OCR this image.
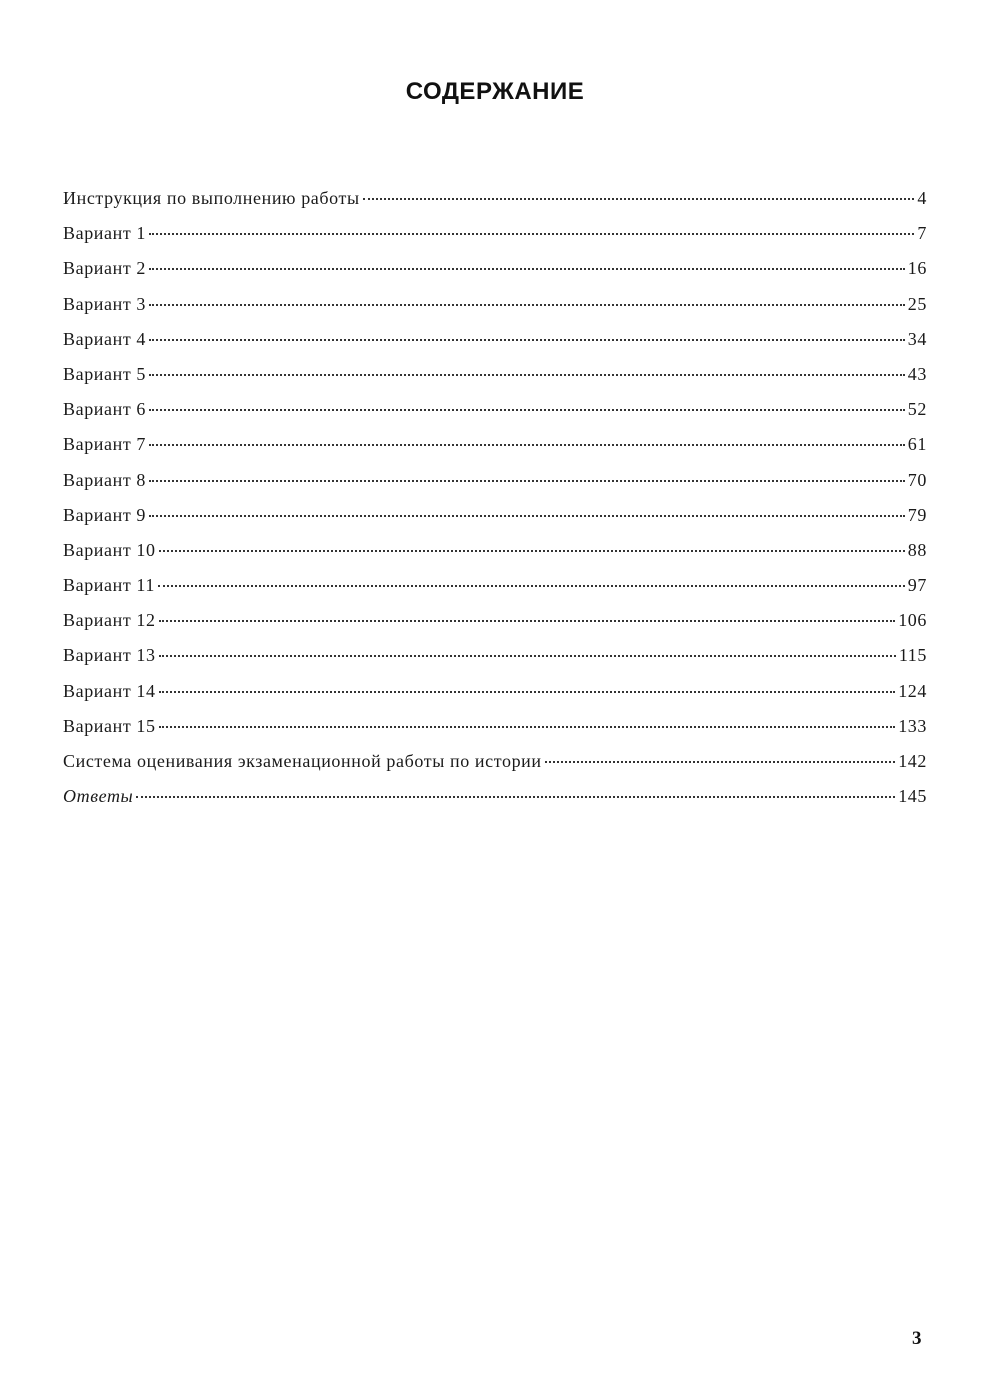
СОДЕРЖАНИЕ
Инструкция по выполнению работы	4
Вариант 1	7
Вариант 2	16
Вариант 3	25
Вариант 4	34
Вариант 5	43
Вариант 6	52
Вариант 7	61
Вариант 8	70
Вариант 9	79
Вариант 10	88
Вариант 11	97
Вариант 12	106
Вариант 13	115
Вариант 14	124
Вариант 15	133
Система оценивания экзаменационной работы по истории	142
Ответы	145
3
